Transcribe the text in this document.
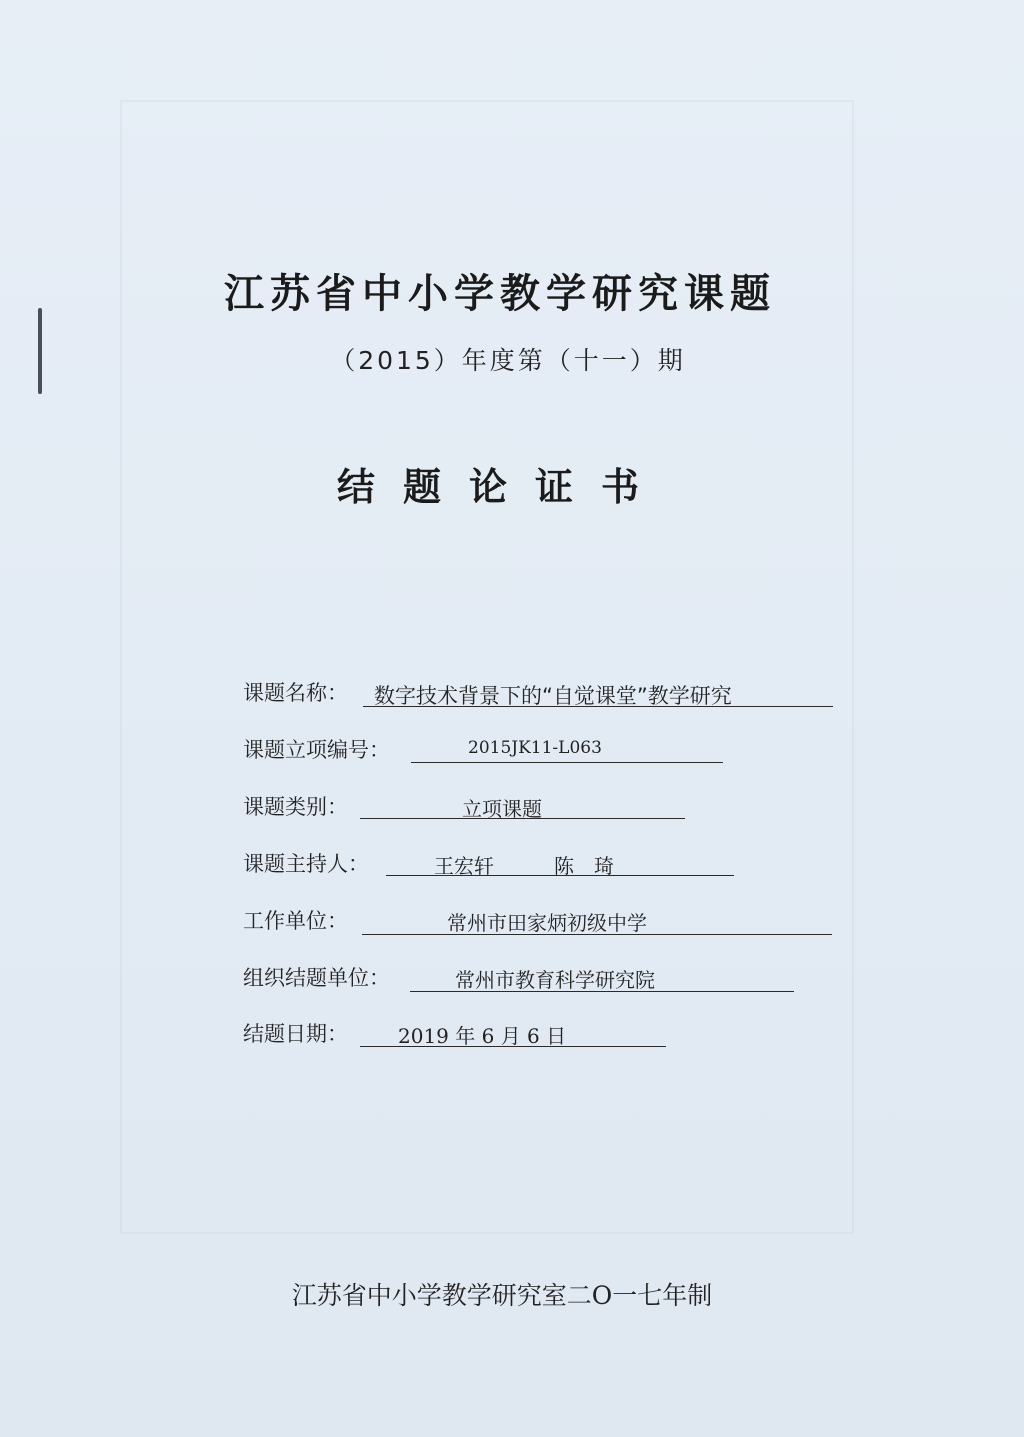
江苏省中小学教学研究课题
（2015）年度第（十一）期
结题论证书
课题名称： 数字技术背景下的“自觉课堂”教学研究
课题立项编号：	2015JK11-L063
课题类别：	立项课题
课题主持人：	王宏轩　　　陈　琦
工作单位：	常州市田家炳初级中学
组织结题单位：	常州市教育科学研究院
结题日期：	2019 年 6 月 6 日
江苏省中小学教学研究室二O一七年制
